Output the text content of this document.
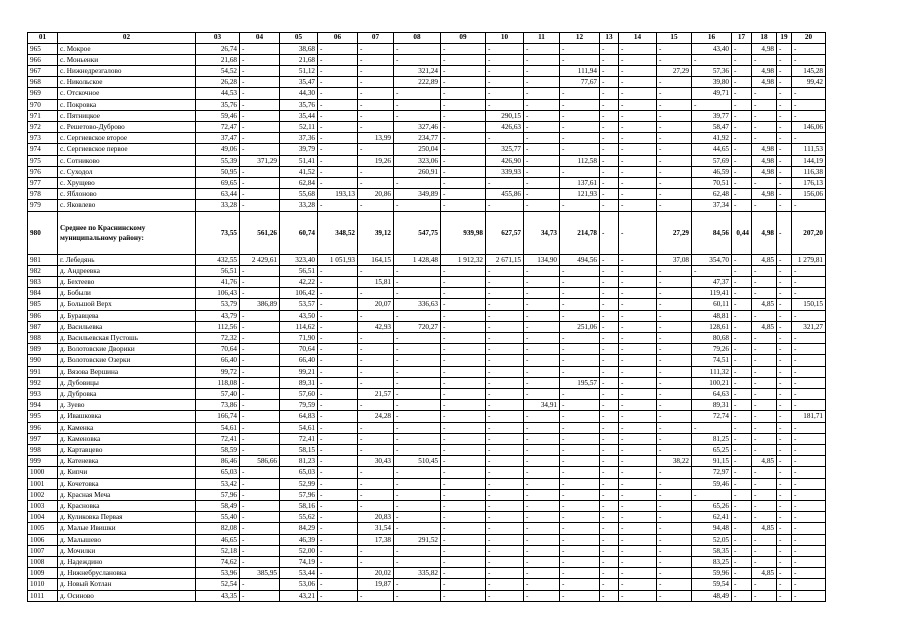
01	02	03	04	05	06	07	08	09	10	11	12	13	14	15	16	17	18	19	20
965	с. Мокрое	26,74	-	38,68	-	-	-	-	-	-	-	-	-	-	43,40	-	4,98	-	-
966	с. Моньенки	21,68	-	21,68	-	-	-	-	-	-	-	-	-	-	-	-	-	-	-
967	с. Нижнедрезгалово	54,52	-	51,12	-	-	321,24	-	-	-	111,94	-	-	27,29	57,36	-	4,98	-	145,28
968	с. Никольское	26,28	-	35,47	-	-	222,89	-	-	-	77,67	-	-	-	39,80	-	4,98	-	99,42
969	с. Отскочное	44,53	-	44,30	-	-	-	-	-	-	-	-	-	-	49,71	-	-	-	-
970	с. Покровка	35,76	-	35,76	-	-	-	-	-	-	-	-	-	-	-	-	-	-	-
971	с. Пятницкое	59,46	-	35,44	-	-	-	-	290,15	-	-	-	-	-	39,77	-	-	-	-
972	с. Решетово-Дуброво	72,47	-	52,11	-	-	327,46	-	426,63	-	-	-	-	-	58,47	-	-	-	146,06
973	с. Сергиевское второе	37,47	-	37,36	-	13,99	234,77	-	-	-	-	-	-	-	41,92	-	-	-	-
974	с. Сергиевское первое	49,06	-	39,79	-	-	250,04	-	325,77	-	-	-	-	-	44,65	-	4,98	-	111,53
975	с. Сотниково	55,39	371,29	51,41	-	19,26	323,06	-	426,90	-	112,58	-	-	-	57,69	-	4,98	-	144,19
976	с. Суходол	50,95	-	41,52	-	-	260,91	-	339,93	-	-	-	-	-	46,59	-	4,98	-	116,38
977	с. Хрущево	69,65	-	62,84	-	-	-	-	-	-	137,61	-	-	-	70,51	-	-	-	176,13
978	с. Яблоново	63,44	-	55,68	193,13	20,86	349,89	-	455,86	-	121,93	-	-	-	62,48	-	4,98	-	156,06
979	с. Яковлево	33,28	-	33,28	-	-	-	-	-	-	-	-	-	-	37,34	-	-	-	-
980	Среднее по Краснинскому муниципальному району:	73,55	561,26	60,74	348,52	39,12	547,75	939,98	627,57	34,73	214,78	-	-	27,29	84,56	0,44	4,98	-	207,20
981	г. Лебедянь	432,55	2 429,61	323,40	1 051,93	164,15	1 428,48	1 912,32	2 671,15	134,90	494,56	-	-	37,08	354,70	-	4,85	-	1 279,81
982	д. Андреевка	56,51	-	56,51	-	-	-	-	-	-	-	-	-	-	-	-	-	-	-
983	д. Бехтеево	41,76	-	42,22	-	15,81	-	-	-	-	-	-	-	-	47,37	-	-	-	-
984	д. Бобыли	106,43	-	106,42	-	-	-	-	-	-	-	-	-	-	119,41	-	-	-	-
985	д. Большой Верх	53,79	386,89	53,57	-	20,07	336,63	-	-	-	-	-	-	-	60,11	-	4,85	-	150,15
986	д. Буравцева	43,79	-	43,50	-	-	-	-	-	-	-	-	-	-	48,81	-	-	-	-
987	д. Васильевка	112,56	-	114,62	-	42,93	720,27	-	-	-	251,06	-	-	-	128,61	-	4,85	-	321,27
988	д. Васильевская Пустошь	72,32	-	71,90	-	-	-	-	-	-	-	-	-	-	80,68	-	-	-	-
989	д. Волотовские Дворики	70,64	-	70,64	-	-	-	-	-	-	-	-	-	-	79,26	-	-	-	-
990	д. Волотовские Озерки	66,40	-	66,40	-	-	-	-	-	-	-	-	-	-	74,51	-	-	-	-
991	д. Вязова Вершина	99,72	-	99,21	-	-	-	-	-	-	-	-	-	-	111,32	-	-	-	-
992	д. Дубовицы	118,08	-	89,31	-	-	-	-	-	-	195,57	-	-	-	100,21	-	-	-	-
993	д. Дубровка	57,40	-	57,60	-	21,57	-	-	-	-	-	-	-	-	64,63	-	-	-	-
994	д. Зуево	73,86	-	79,59	-	-	-	-	-	34,91	-	-	-	-	89,31	-	-	-	-
995	д. Ивашковка	166,74	-	64,83	-	24,28	-	-	-	-	-	-	-	-	72,74	-	-	-	181,71
996	д. Каменка	54,61	-	54,61	-	-	-	-	-	-	-	-	-	-	-	-	-	-	-
997	д. Каменовка	72,41	-	72,41	-	-	-	-	-	-	-	-	-	-	81,25	-	-	-	-
998	д. Картавцево	58,59	-	58,15	-	-	-	-	-	-	-	-	-	-	65,25	-	-	-	-
999	д. Катеневка	86,46	586,66	81,23	-	30,43	510,45	-	-	-	-	-	-	38,22	91,15	-	4,85	-	-
1000	д. Кипчи	65,03	-	65,03	-	-	-	-	-	-	-	-	-	-	72,97	-	-	-	-
1001	д. Кочетовка	53,42	-	52,99	-	-	-	-	-	-	-	-	-	-	59,46	-	-	-	-
1002	д. Красная Меча	57,96	-	57,96	-	-	-	-	-	-	-	-	-	-	-	-	-	-	-
1003	д. Красновка	58,49	-	58,16	-	-	-	-	-	-	-	-	-	-	65,26	-	-	-	-
1004	д. Куликовка Первая	55,40	-	55,62	-	20,83	-	-	-	-	-	-	-	-	62,41	-	-	-	-
1005	д. Малые Ивишки	82,08	-	84,29	-	31,54	-	-	-	-	-	-	-	-	94,48	-	4,85	-	-
1006	д. Малышево	46,65	-	46,39	-	17,38	291,52	-	-	-	-	-	-	-	52,05	-	-	-	-
1007	д. Мочилки	52,18	-	52,00	-	-	-	-	-	-	-	-	-	-	58,35	-	-	-	-
1008	д. Надеждино	74,62	-	74,19	-	-	-	-	-	-	-	-	-	-	83,25	-	-	-	-
1009	д. Нижнебруслановка	53,96	385,95	53,44	-	20,02	335,82	-	-	-	-	-	-	-	59,96	-	4,85	-	-
1010	д. Новый Котлан	52,54	-	53,06	-	19,87	-	-	-	-	-	-	-	-	59,54	-	-	-	-
1011	д. Осиново	43,35	-	43,21	-	-	-	-	-	-	-	-	-	-	48,49	-	-	-	-
